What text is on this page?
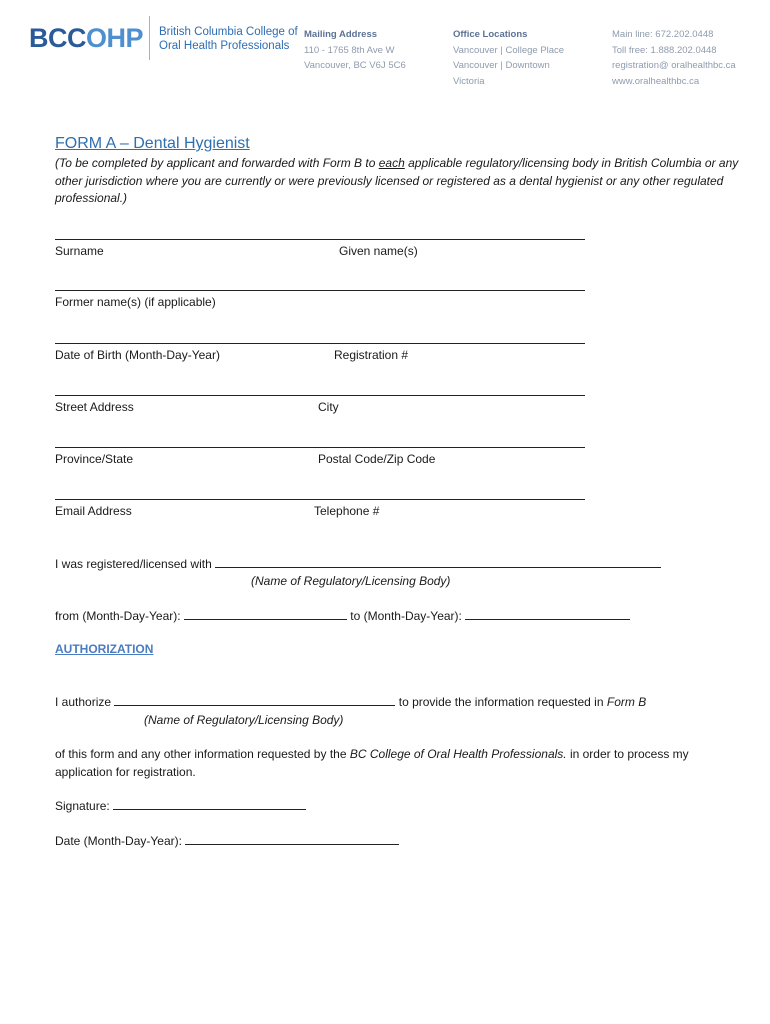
BCCOHP British Columbia College of
Oral Health Professionals
Mailing Address
110 - 1765 8th Ave W
Vancouver, BC V6J 5C6
Office Locations
Vancouver | College Place
Vancouver | Downtown
Victoria
Main line: 672.202.0448
Toll free: 1.888.202.0448
registration@ oralhealthbc.ca
www.oralhealthbc.ca
FORM A – Dental Hygienist
(To be completed by applicant and forwarded with Form B to each applicable regulatory/licensing body in British Columbia or any other jurisdiction where you are currently or were previously licensed or registered as a dental hygienist or any other regulated professional.)
Surname	Given name(s)
Former name(s) (if applicable)
Date of Birth (Month-Day-Year)	Registration #
Street Address	City
Province/State	Postal Code/Zip Code
Email Address	Telephone #
I was registered/licensed with
(Name of Regulatory/Licensing Body)
from (Month-Day-Year):	to (Month-Day-Year):
AUTHORIZATION
I authorize	to provide the information requested in Form B
(Name of Regulatory/Licensing Body)
of this form and any other information requested by the BC College of Oral Health Professionals. in order to process my application for registration.
Signature:
Date (Month-Day-Year):
